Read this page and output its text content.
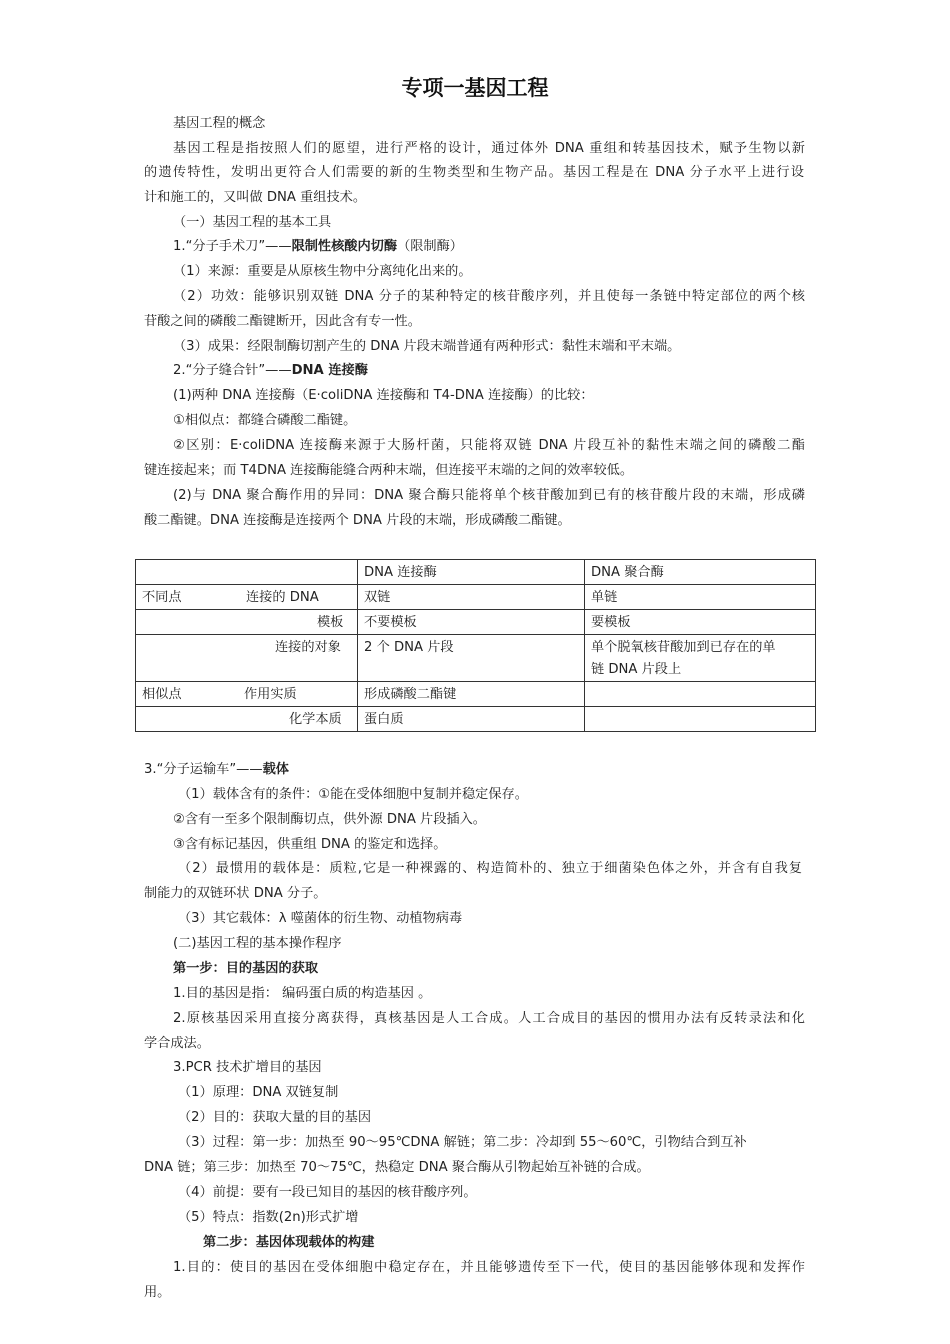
专项一基因工程
基因工程的概念
基因工程是指按照人们的愿望，进行严格的设计，通过体外 DNA 重组和转基因技术，赋予生物以新
的遗传特性，发明出更符合人们需要的新的生物类型和生物产品。基因工程是在 DNA 分子水平上进行设
计和施工的，又叫做 DNA 重组技术。
（一）基因工程的基本工具
1.“分子手术刀”——限制性核酸内切酶（限制酶）
（1）来源：重要是从原核生物中分离纯化出来的。
（2）功效：能够识别双链 DNA 分子的某种特定的核苷酸序列，并且使每一条链中特定部位的两个核
苷酸之间的磷酸二酯键断开，因此含有专一性。
（3）成果：经限制酶切割产生的 DNA 片段末端普通有两种形式：黏性末端和平末端。
2.“分子缝合针”——DNA 连接酶
(1)两种 DNA 连接酶（E·coliDNA 连接酶和 T4-DNA 连接酶）的比较：
①相似点：都缝合磷酸二酯键。
②区别：E·coliDNA 连接酶来源于大肠杆菌，只能将双链 DNA 片段互补的黏性末端之间的磷酸二酯
键连接起来；而 T4DNA 连接酶能缝合两种末端，但连接平末端的之间的效率较低。
(2)与 DNA 聚合酶作用的异同：DNA 聚合酶只能将单个核苷酸加到已有的核苷酸片段的末端，形成磷
酸二酯键。DNA 连接酶是连接两个 DNA 片段的末端，形成磷酸二酯键。
	DNA 连接酶	DNA 聚合酶

不同点 连接的 DNA	双链	单链

模板	不要模板	要模板

连接的对象	2 个 DNA 片段	单个脱氧核苷酸加到已存在的单
链 DNA 片段上

相似点 作用实质	形成磷酸二酯键	

化学本质	蛋白质	
3.“分子运输车”——载体
（1）载体含有的条件：①能在受体细胞中复制并稳定保存。
②含有一至多个限制酶切点，供外源 DNA 片段插入。
③含有标记基因，供重组 DNA 的鉴定和选择。
（2）最惯用的载体是：质粒,它是一种裸露的、构造简朴的、独立于细菌染色体之外，并含有自我复
制能力的双链环状 DNA 分子。
（3）其它载体：λ 噬菌体的衍生物、动植物病毒
(二)基因工程的基本操作程序
第一步：目的基因的获取
1.目的基因是指： 编码蛋白质的构造基因 。
2.原核基因采用直接分离获得，真核基因是人工合成。人工合成目的基因的惯用办法有反转录法和化
学合成法。
3.PCR 技术扩增目的基因
（1）原理：DNA 双链复制
（2）目的：获取大量的目的基因
（3）过程：第一步：加热至 90～95℃DNA 解链；第二步：冷却到 55～60℃，引物结合到互补
DNA 链；第三步：加热至 70～75℃，热稳定 DNA 聚合酶从引物起始互补链的合成。
（4）前提：要有一段已知目的基因的核苷酸序列。
（5）特点：指数(2n)形式扩增
第二步：基因体现载体的构建
1.目的：使目的基因在受体细胞中稳定存在，并且能够遗传至下一代，使目的基因能够体现和发挥作
用。
